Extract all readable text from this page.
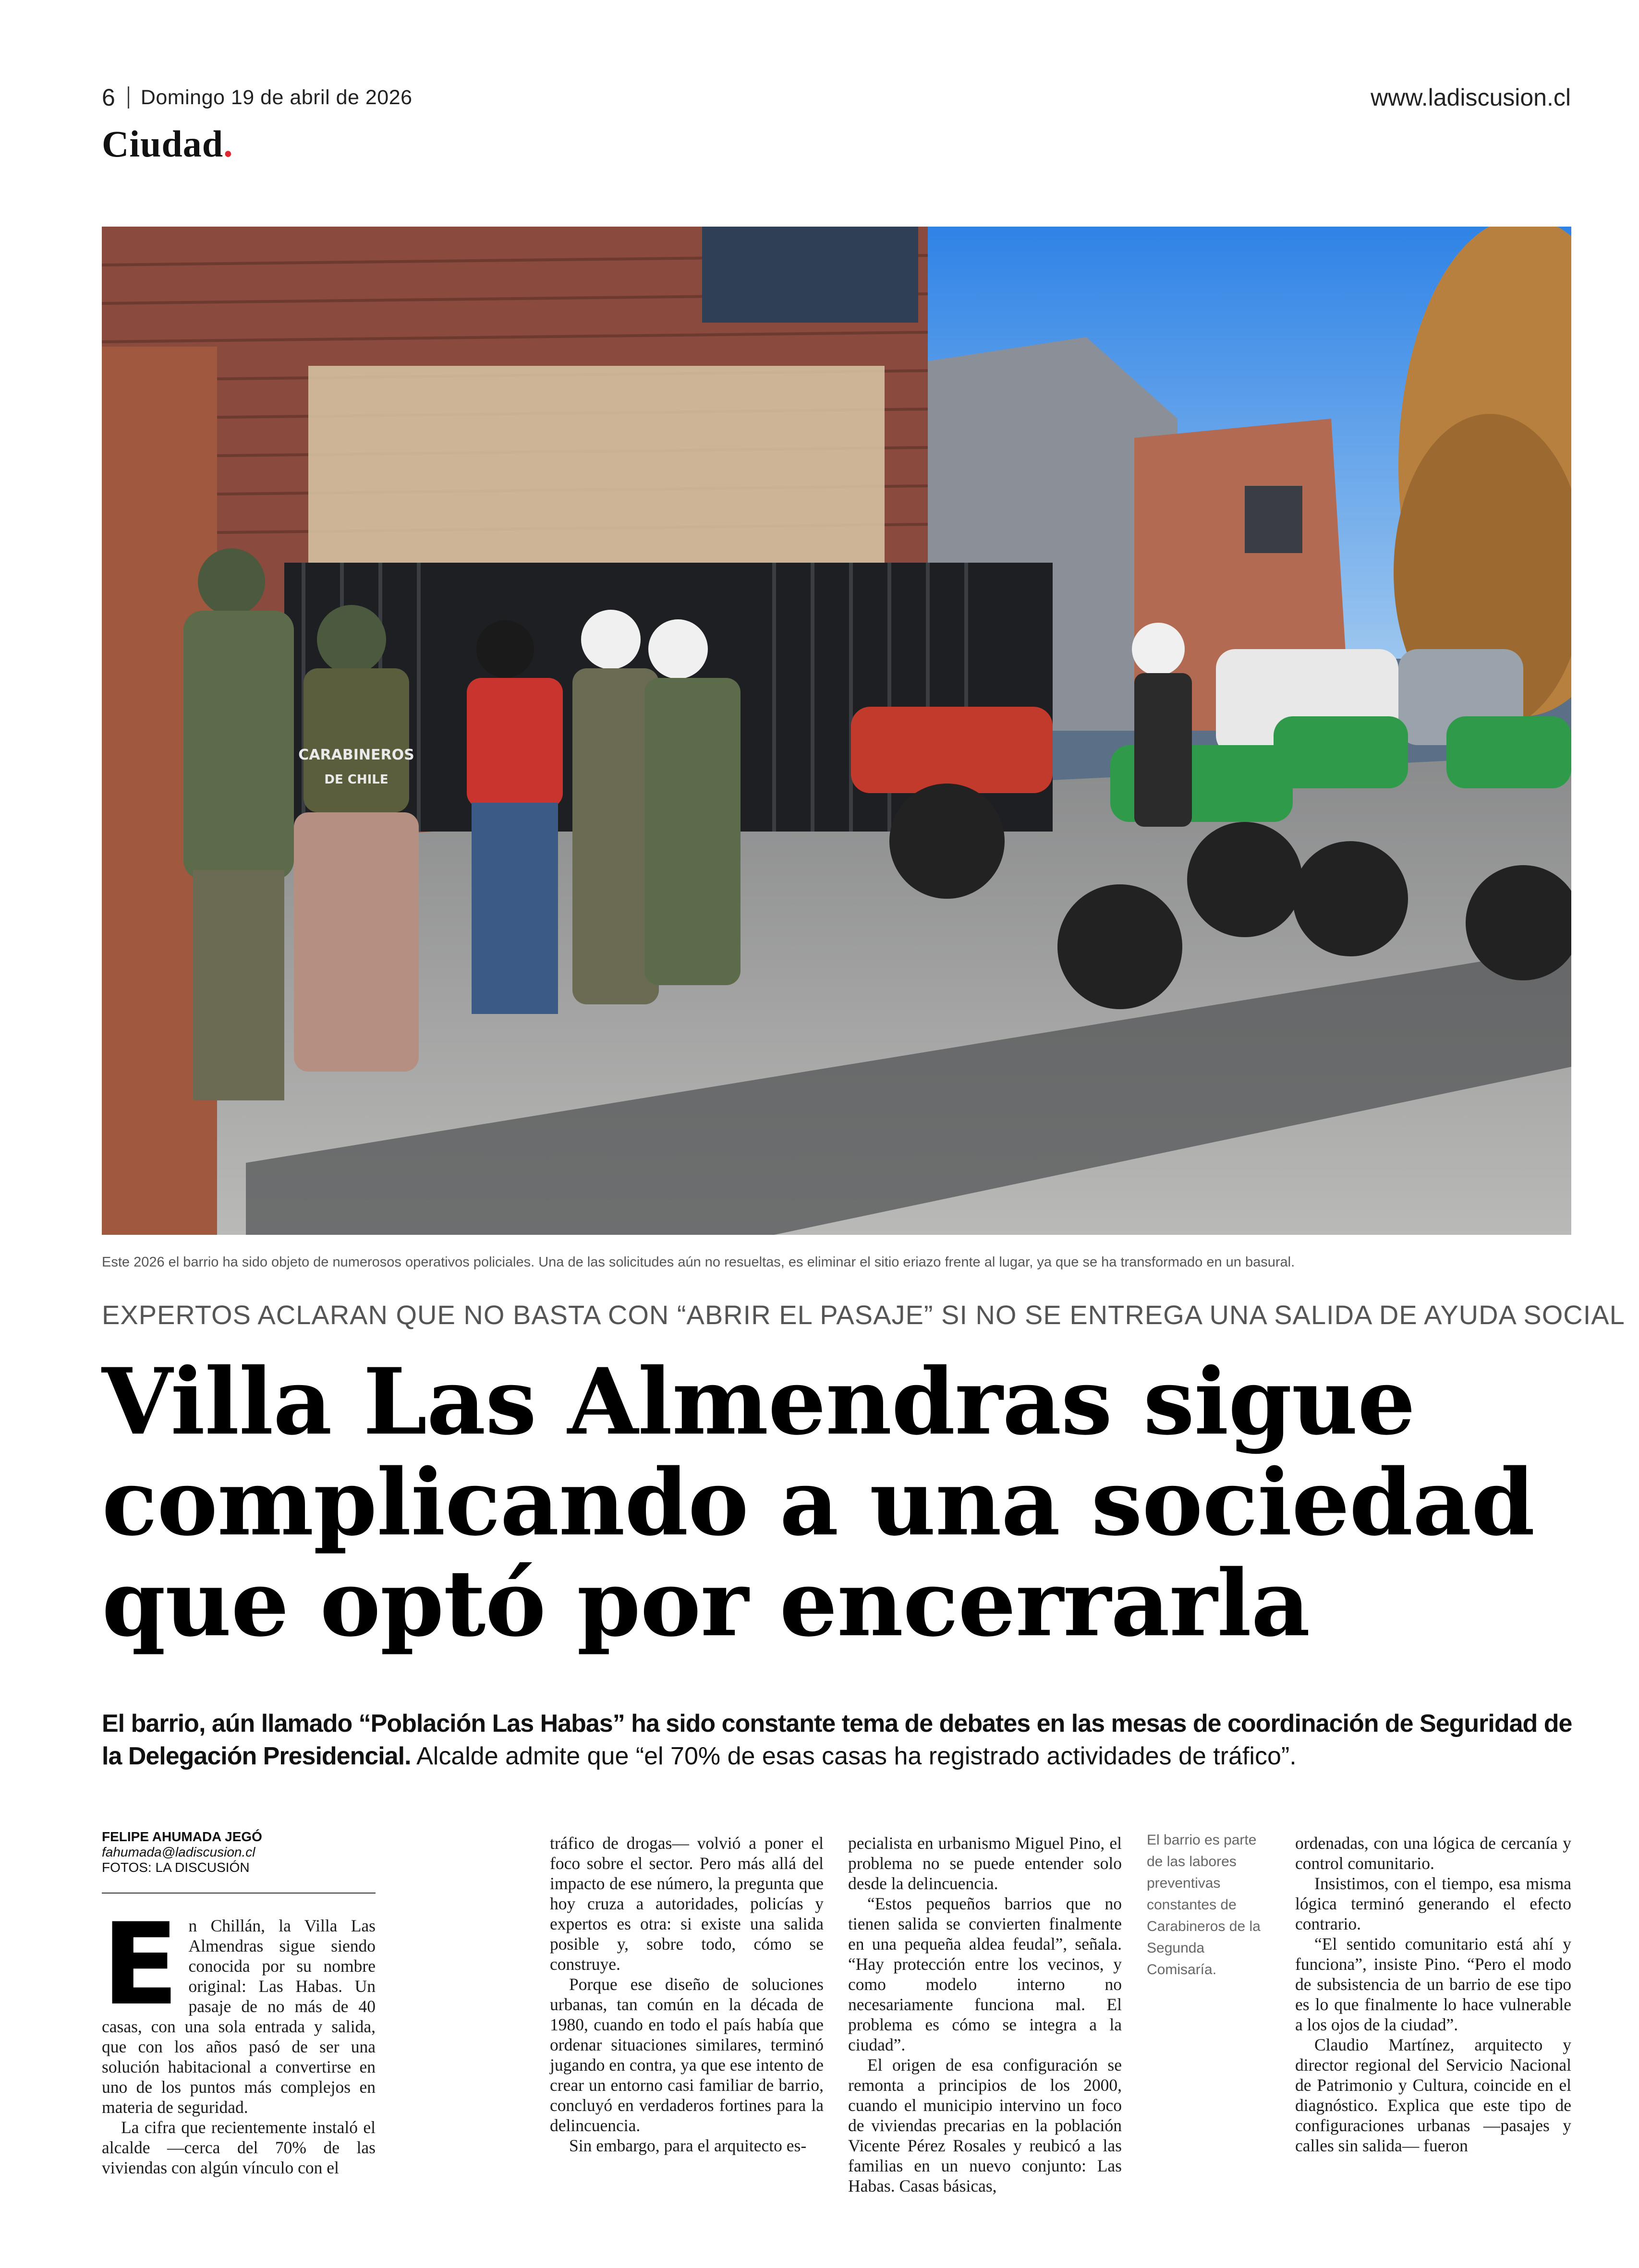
6 Domingo 19 de abril de 2026	www.ladiscusion.cl
Ciudad.
CARABINEROS
DE CHILE
Este 2026 el barrio ha sido objeto de numerosos operativos policiales. Una de las solicitudes aún no resueltas, es eliminar el sitio eriazo frente al lugar, ya que se ha transformado en un basural.
EXPERTOS ACLARAN QUE NO BASTA CON “ABRIR EL PASAJE” SI NO SE ENTREGA UNA SALIDA DE AYUDA SOCIAL
Villa Las Almendras sigue
complicando a una sociedad
que optó por encerrarla
El barrio, aún llamado “Población Las Habas” ha sido constante tema de debates en las mesas de coordinación de Seguridad de la Delegación Presidencial. Alcalde admite que “el 70% de esas casas ha registrado actividades de tráfico”.
FELIPE AHUMADA JEGÓ
fahumada@ladiscusion.cl
FOTOS: LA DISCUSIÓN
E n Chillán, la Villa Las Almendras sigue siendo conocida por su nombre original: Las Habas. Un pasaje de no más de 40 casas, con una sola entrada y salida, que con los años pasó de ser una solución habitacional a convertirse en uno de los puntos más complejos en materia de seguridad.

La cifra que recientemente instaló el alcalde —cerca del 70% de las viviendas con algún vínculo con el

tráfico de drogas— volvió a poner el foco sobre el sector. Pero más allá del impacto de ese número, la pregunta que hoy cruza a autoridades, policías y expertos es otra: si existe una salida posible y, sobre todo, cómo se construye.

Porque ese diseño de soluciones urbanas, tan común en la década de 1980, cuando en todo el país había que ordenar situaciones similares, terminó jugando en contra, ya que ese intento de crear un entorno casi familiar de barrio, concluyó en verdaderos fortines para la delincuencia.

Sin embargo, para el arquitecto es-

pecialista en urbanismo Miguel Pino, el problema no se puede entender solo desde la delincuencia.

“Estos pequeños barrios que no tienen salida se convierten finalmente en una pequeña aldea feudal”, señala. “Hay protección entre los vecinos, y como modelo interno no necesariamente funciona mal. El problema es cómo se integra a la ciudad”.

El origen de esa configuración se remonta a principios de los 2000, cuando el municipio intervino un foco de viviendas precarias en la población Vicente Pérez Rosales y reubicó a las familias en un nuevo conjunto: Las Habas. Casas básicas,

El barrio es parte de las labores preventivas constantes de Carabineros de la Segunda Comisaría.

ordenadas, con una lógica de cercanía y control comunitario.

Insistimos, con el tiempo, esa misma lógica terminó generando el efecto contrario.

“El sentido comunitario está ahí y funciona”, insiste Pino. “Pero el modo de subsistencia de un barrio de ese tipo es lo que finalmente lo hace vulnerable a los ojos de la ciudad”.

Claudio Martínez, arquitecto y director regional del Servicio Nacional de Patrimonio y Cultura, coincide en el diagnóstico. Explica que este tipo de configuraciones urbanas —pasajes y calles sin salida— fueron
